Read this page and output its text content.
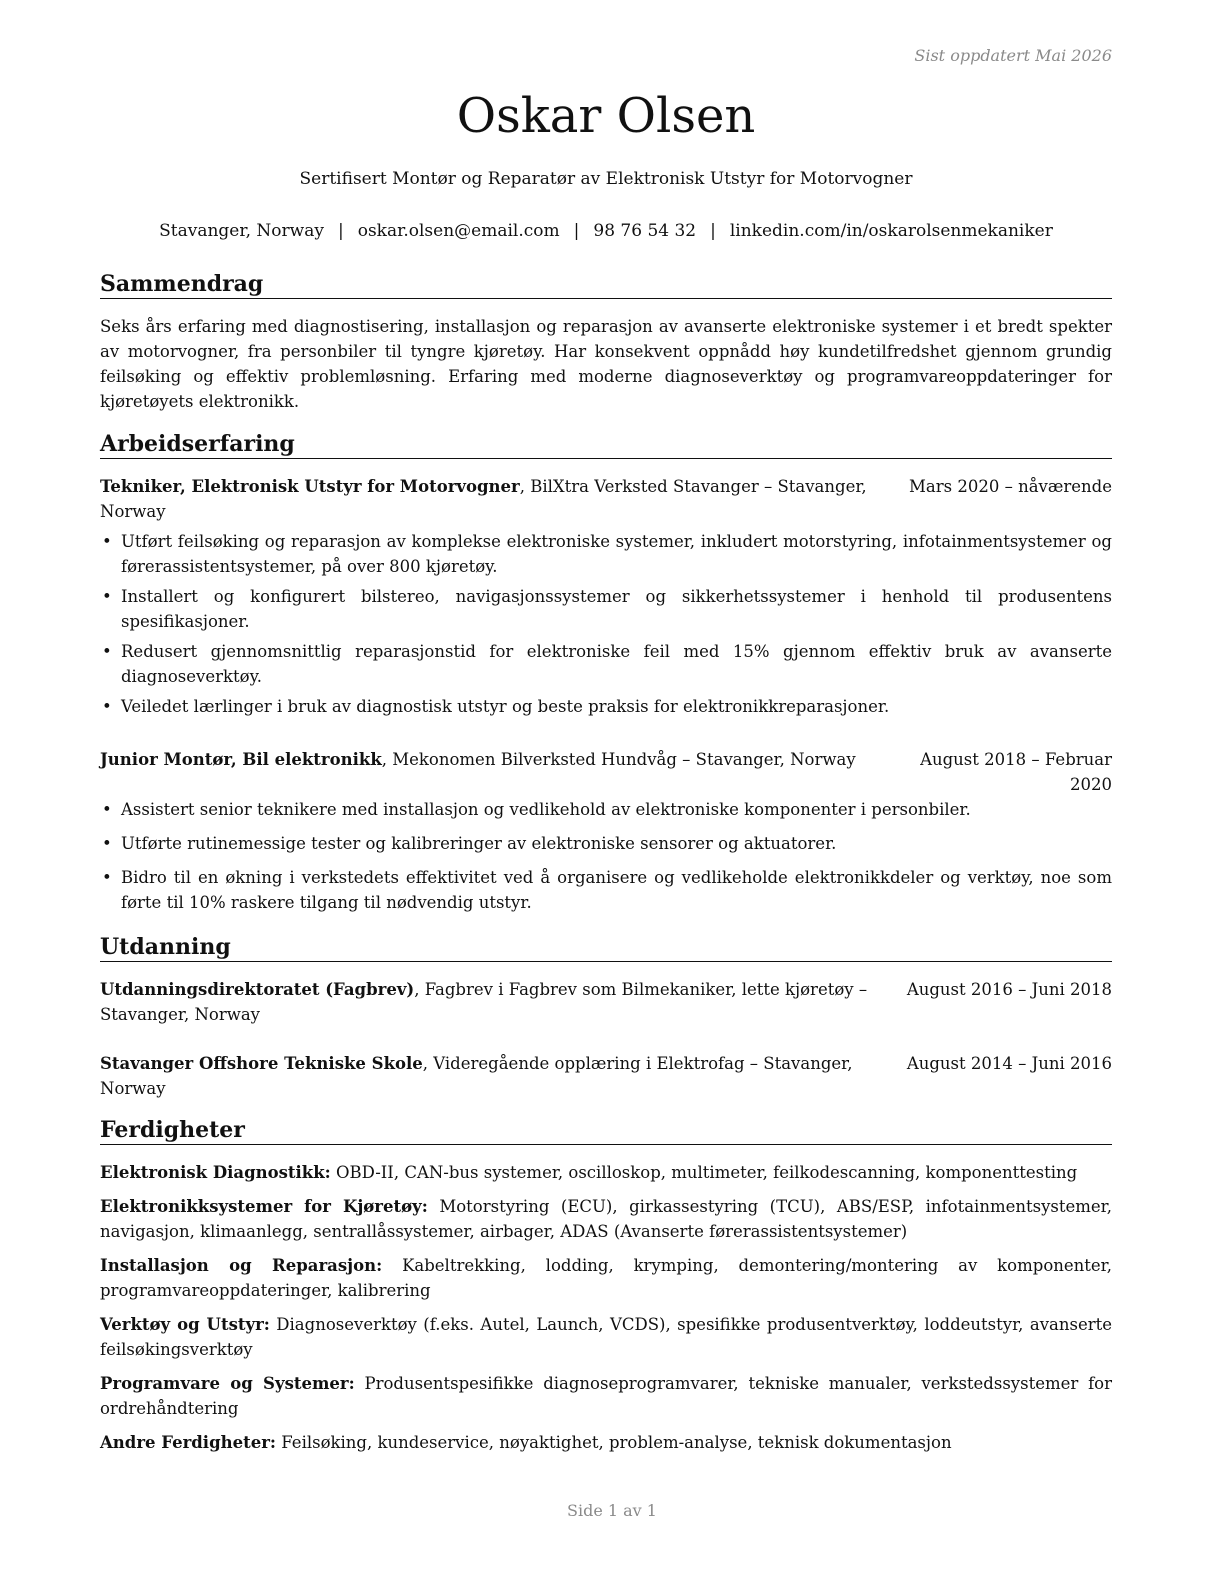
Sist oppdatert Mai 2026
Oskar Olsen
Sertifisert Montør og Reparatør av Elektronisk Utstyr for Motorvogner
Stavanger, Norway | oskar.olsen@email.com | 98 76 54 32 | linkedin.com/in/oskarolsenmekaniker
Sammendrag

Seks års erfaring med diagnostisering, installasjon og reparasjon av avanserte elektroniske systemer i et bredt spekter av motorvogner, fra personbiler til tyngre kjøretøy. Har konsekvent oppnådd høy kundetilfredshet gjennom grundig feilsøking og effektiv problemløsning. Erfaring med moderne diagnoseverktøy og programvareoppdateringer for kjøretøyets elektronikk.

Arbeidserfaring
Mars 2020 – nåværende
Tekniker, Elektronisk Utstyr for Motorvogner, BilXtra Verksted Stavanger – Stavanger, Norway
• Utført feilsøking og reparasjon av komplekse elektroniske systemer, inkludert motorstyring, infotainmentsystemer og førerassistentsystemer, på over 800 kjøretøy.
• Installert og konfigurert bilstereo, navigasjonssystemer og sikkerhetssystemer i henhold til produsentens spesifikasjoner.
• Redusert gjennomsnittlig reparasjonstid for elektroniske feil med 15% gjennom effektiv bruk av avanserte diagnoseverktøy.
• Veiledet lærlinger i bruk av diagnostisk utstyr og beste praksis for elektronikkreparasjoner.
August 2018 – Februar 2020
Junior Montør, Bil elektronikk, Mekonomen Bilverksted Hundvåg – Stavanger, Norway
• Assistert senior teknikere med installasjon og vedlikehold av elektroniske komponenter i personbiler.
• Utførte rutinemessige tester og kalibreringer av elektroniske sensorer og aktuatorer.
• Bidro til en økning i verkstedets effektivitet ved å organisere og vedlikeholde elektronikkdeler og verktøy, noe som førte til 10% raskere tilgang til nødvendig utstyr.
Utdanning
August 2016 – Juni 2018
Utdanningsdirektoratet (Fagbrev), Fagbrev i Fagbrev som Bilmekaniker, lette kjøretøy – Stavanger, Norway
August 2014 – Juni 2016
Stavanger Offshore Tekniske Skole, Videregående opplæring i Elektrofag – Stavanger, Norway
Ferdigheter

Elektronisk Diagnostikk: OBD-II, CAN-bus systemer, oscilloskop, multimeter, feilkodescanning, komponenttesting

Elektronikksystemer for Kjøretøy: Motorstyring (ECU), girkassestyring (TCU), ABS/ESP, infotainmentsystemer, navigasjon, klimaanlegg, sentrallåssystemer, airbager, ADAS (Avanserte førerassistentsystemer)

Installasjon og Reparasjon: Kabeltrekking, lodding, krymping, demontering/montering av komponenter, programvareoppdateringer, kalibrering

Verktøy og Utstyr: Diagnoseverktøy (f.eks. Autel, Launch, VCDS), spesifikke produsentverktøy, loddeutstyr, avanserte feilsøkingsverktøy

Programvare og Systemer: Produsentspesifikke diagnoseprogramvarer, tekniske manualer, verkstedssystemer for ordrehåndtering

Andre Ferdigheter: Feilsøking, kundeservice, nøyaktighet, problem-analyse, teknisk dokumentasjon

Side 1 av 1
